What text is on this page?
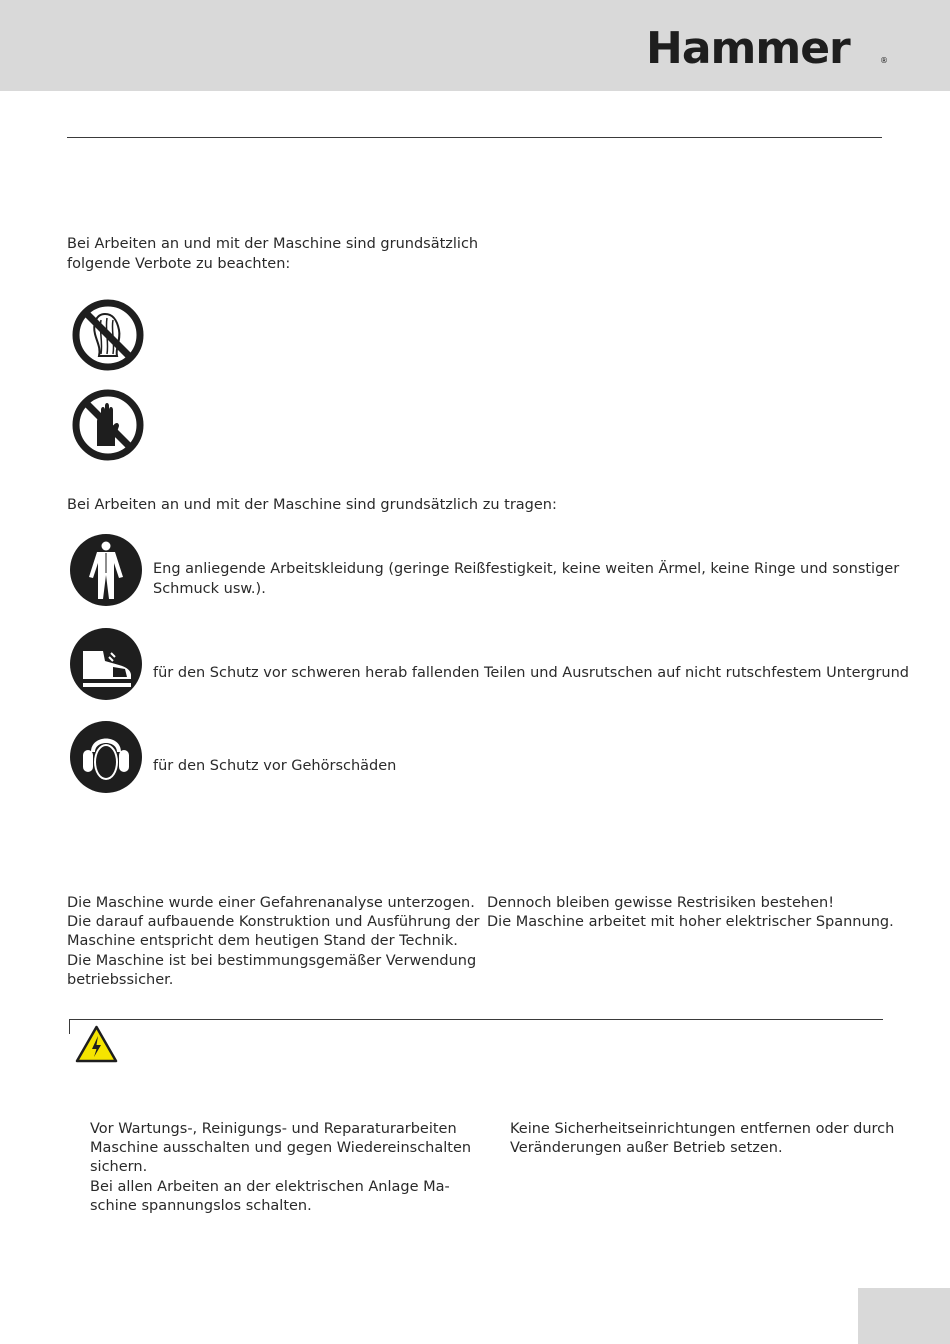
Hammer	®

Bei Arbeiten an und mit der Maschine sind grundsätzlich

folgende Verbote zu beachten:

Bei Arbeiten an und mit der Maschine sind grundsätzlich zu tragen:

Eng anliegende Arbeitskleidung (geringe Reißfestigkeit, keine weiten Ärmel, keine Ringe und sonstiger

Schmuck usw.).

für den Schutz vor schweren herab fallenden Teilen und Ausrutschen auf nicht rutschfestem Untergrund

für den Schutz vor Gehörschäden

Die Maschine wurde einer Gefahrenanalyse unterzogen.

Die darauf aufbauende Konstruktion und Ausführung der

Maschine entspricht dem heutigen Stand der Technik.

Die Maschine ist bei bestimmungsgemäßer Verwendung

betriebssicher.

Dennoch bleiben gewisse Restrisiken bestehen!

Die Maschine arbeitet mit hoher elektrischer Spannung.

Vor Wartungs-, Reinigungs- und Reparaturarbeiten

Maschine ausschalten und gegen Wiedereinschalten

sichern.

Bei allen Arbeiten an der elektrischen Anlage Ma-

schine spannungslos schalten.

Keine Sicherheitseinrichtungen entfernen oder durch

Veränderungen außer Betrieb setzen.
